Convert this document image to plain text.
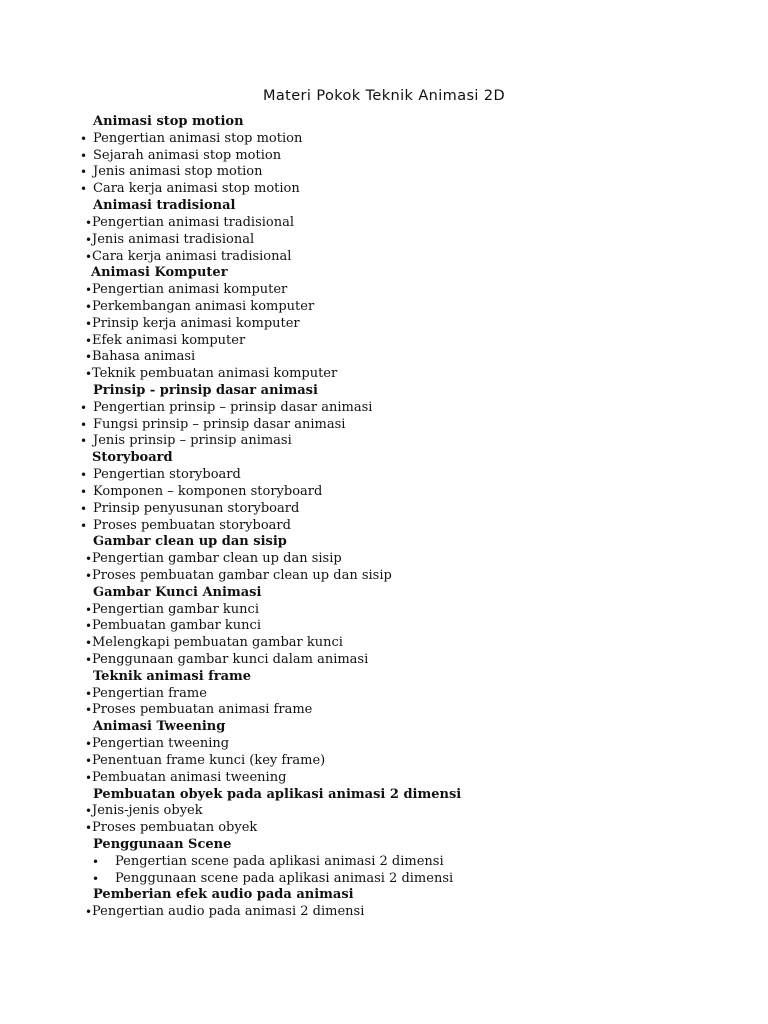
Materi Pokok Teknik Animasi 2D
Animasi stop motion
• Pengertian animasi stop motion
• Sejarah animasi stop motion
• Jenis animasi stop motion
• Cara kerja animasi stop motion
Animasi tradisional
• Pengertian animasi tradisional
• Jenis animasi tradisional
• Cara kerja animasi tradisional
Animasi Komputer
• Pengertian animasi komputer
• Perkembangan animasi komputer
• Prinsip kerja animasi komputer
• Efek animasi komputer
• Bahasa animasi
• Teknik pembuatan animasi komputer
Prinsip - prinsip dasar animasi
• Pengertian prinsip – prinsip dasar animasi
• Fungsi prinsip – prinsip dasar animasi
• Jenis prinsip – prinsip animasi
Storyboard
• Pengertian storyboard
• Komponen – komponen storyboard
• Prinsip penyusunan storyboard
• Proses pembuatan storyboard
Gambar clean up dan sisip
• Pengertian gambar clean up dan sisip
• Proses pembuatan gambar clean up dan sisip
Gambar Kunci Animasi
• Pengertian gambar kunci
• Pembuatan gambar kunci
• Melengkapi pembuatan gambar kunci
• Penggunaan gambar kunci dalam animasi
Teknik animasi frame
• Pengertian frame
• Proses pembuatan animasi frame
Animasi Tweening
• Pengertian tweening
• Penentuan frame kunci (key frame)
• Pembuatan animasi tweening
Pembuatan obyek pada aplikasi animasi 2 dimensi
• Jenis-jenis obyek
• Proses pembuatan obyek
Penggunaan Scene
• Pengertian scene pada aplikasi animasi 2 dimensi
• Penggunaan scene pada aplikasi animasi 2 dimensi
Pemberian efek audio pada animasi
• Pengertian audio pada animasi 2 dimensi
